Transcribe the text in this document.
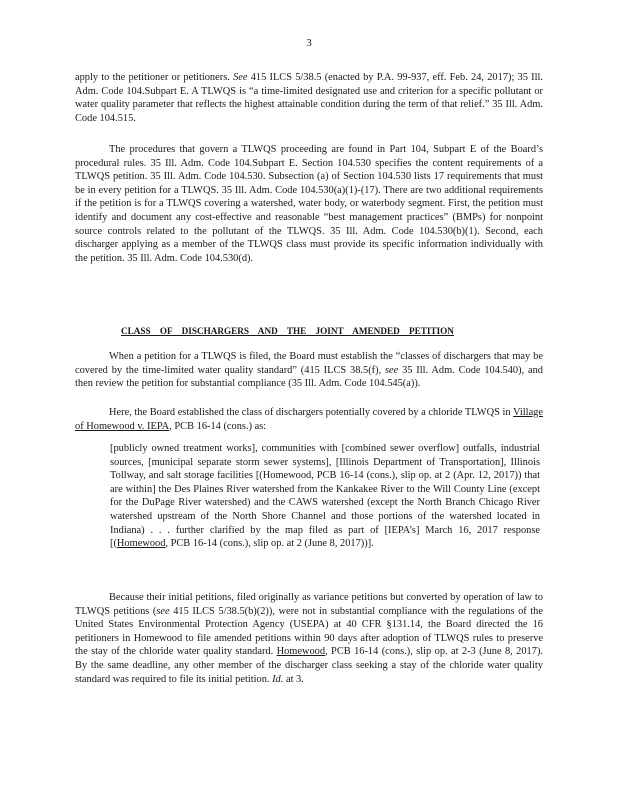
3

apply to the petitioner or petitioners. See 415 ILCS 5/38.5 (enacted by P.A. 99-937, eff. Feb. 24, 2017); 35 Ill. Adm. Code 104.Subpart E. A TLWQS is “a time-limited designated use and criterion for a specific pollutant or water quality parameter that reflects the highest attainable condition during the term of that relief.” 35 Ill. Adm. Code 104.515.

The procedures that govern a TLWQS proceeding are found in Part 104, Subpart E of the Board’s procedural rules. 35 Ill. Adm. Code 104.Subpart E. Section 104.530 specifies the content requirements of a TLWQS petition. 35 Ill. Adm. Code 104.530. Subsection (a) of Section 104.530 lists 17 requirements that must be in every petition for a TLWQS. 35 Ill. Adm. Code 104.530(a)(1)-(17). There are two additional requirements if the petition is for a TLWQS covering a watershed, water body, or waterbody segment. First, the petition must identify and document any cost-effective and reasonable “best management practices” (BMPs) for nonpoint source controls related to the pollutant of the TLWQS. 35 Ill. Adm. Code 104.530(b)(1). Second, each discharger applying as a member of the TLWQS class must provide its specific information individually with the petition. 35 Ill. Adm. Code 104.530(d).

CLASS OF DISCHARGERS AND THE JOINT AMENDED PETITION

When a petition for a TLWQS is filed, the Board must establish the “classes of dischargers that may be covered by the time-limited water quality standard” (415 ILCS 38.5(f), see 35 Ill. Adm. Code 104.540), and then review the petition for substantial compliance (35 Ill. Adm. Code 104.545(a)).

Here, the Board established the class of dischargers potentially covered by a chloride TLWQS in Village of Homewood v. IEPA, PCB 16-14 (cons.) as:

[publicly owned treatment works], communities with [combined sewer overflow] outfalls, industrial sources, [municipal separate storm sewer systems], [Illinois Department of Transportation], Illinois Tollway, and salt storage facilities [(Homewood, PCB 16-14 (cons.), slip op. at 2 (Apr. 12, 2017)) that are within] the Des Plaines River watershed from the Kankakee River to the Will County Line (except for the DuPage River watershed) and the CAWS watershed (except the North Branch Chicago River watershed upstream of the North Shore Channel and those portions of the watershed located in Indiana) . . . further clarified by the map filed as part of [IEPA’s] March 16, 2017 response [(Homewood, PCB 16-14 (cons.), slip op. at 2 (June 8, 2017))].

Because their initial petitions, filed originally as variance petitions but converted by operation of law to TLWQS petitions (see 415 ILCS 5/38.5(b)(2)), were not in substantial compliance with the regulations of the United States Environmental Protection Agency (USEPA) at 40 CFR §131.14, the Board directed the 16 petitioners in Homewood to file amended petitions within 90 days after adoption of TLWQS rules to preserve the stay of the chloride water quality standard. Homewood, PCB 16-14 (cons.), slip op. at 2-3 (June 8, 2017). By the same deadline, any other member of the discharger class seeking a stay of the chloride water quality standard was required to file its initial petition. Id. at 3.
